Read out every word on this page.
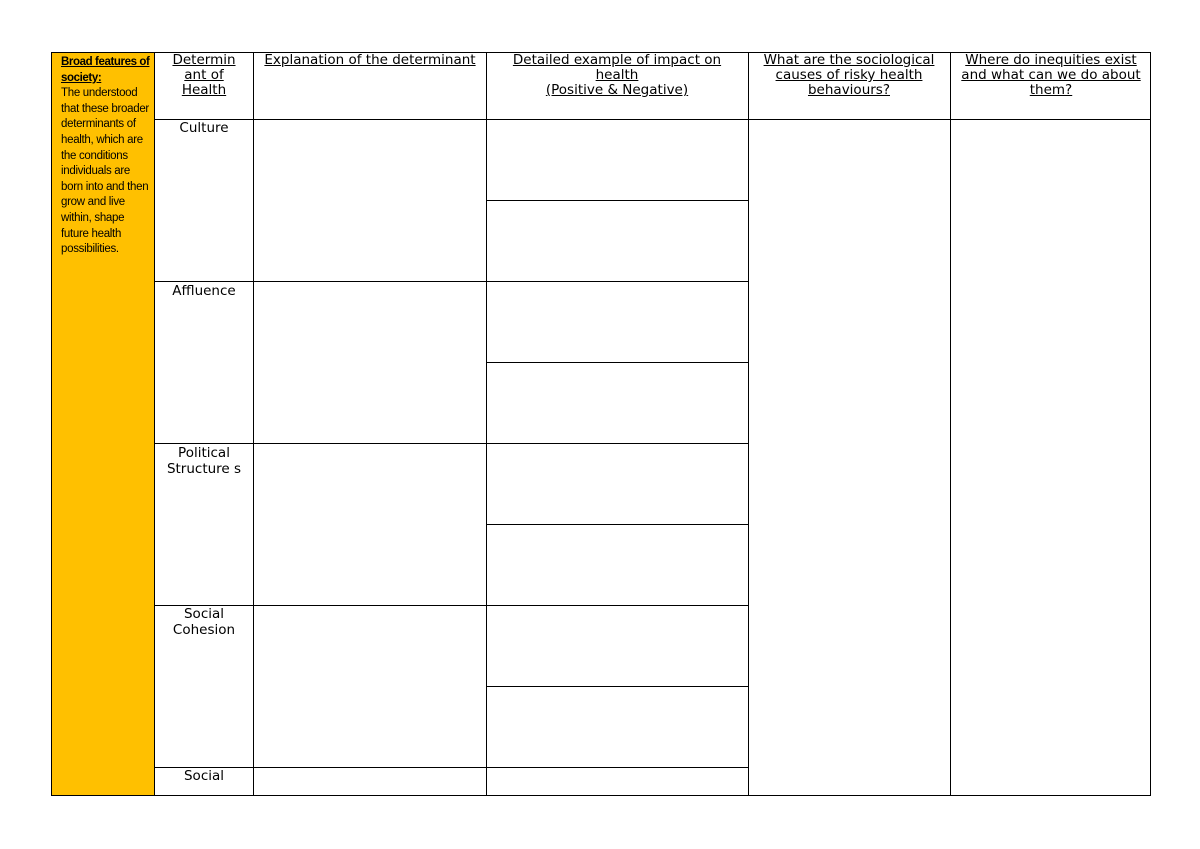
Broad features of society:
The understood that these broader determinants of health, which are the conditions individuals are born into and then grow and live within, shape future health possibilities.
Determin ant of Health
Explanation of the determinant	Detailed example of impact on health
(Positive & Negative)
What are the sociological causes of risky health behaviours?
Where do inequities exist and what can we do about them?
Culture
Affluence
Political Structure s
Social Cohesion
Social
